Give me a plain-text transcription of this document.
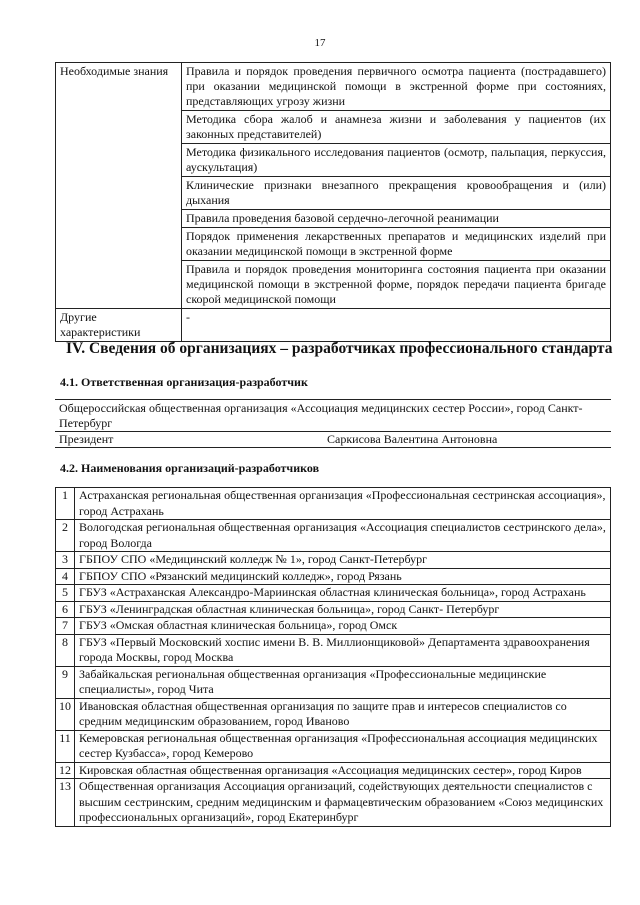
17
Необходимые знания	Правила и порядок проведения первичного осмотра пациента (пострадавшего) при оказании медицинской помощи в экстренной форме при состояниях, представляющих угрозу жизни
	Методика сбора жалоб и анамнеза жизни и заболевания у пациентов (их законных представителей)
	Методика физикального исследования пациентов (осмотр, пальпация, перкуссия, аускультация)
	Клинические признаки внезапного прекращения кровообращения и (или) дыхания
	Правила проведения базовой сердечно-легочной реанимации
	Порядок применения лекарственных препаратов и медицинских изделий при оказании медицинской помощи в экстренной форме
	Правила и порядок проведения мониторинга состояния пациента при оказании медицинской помощи в экстренной форме, порядок передачи пациента бригаде скорой медицинской помощи
Другие характеристики	-
IV. Сведения об организациях – разработчиках профессионального стандарта
4.1. Ответственная организация-разработчик
Общероссийская общественная организация «Ассоциация медицинских сестер России», город Санкт-Петербург
Президент	Саркисова Валентина Антоновна
4.2. Наименования организаций-разработчиков
1	Астраханская региональная общественная организация «Профессиональная сестринская ассоциация», город Астрахань
2	Вологодская региональная общественная организация «Ассоциация специалистов сестринского дела», город Вологда
3	ГБПОУ СПО «Медицинский колледж № 1», город Санкт-Петербург
4	ГБПОУ СПО «Рязанский медицинский колледж», город Рязань
5	ГБУЗ «Астраханская Александро-Мариинская областная клиническая больница», город Астрахань
6	ГБУЗ «Ленинградская областная клиническая больница», город Санкт- Петербург
7	ГБУЗ «Омская областная клиническая больница», город Омск
8	ГБУЗ «Первый Московский хоспис имени В. В. Миллионщиковой» Департамента здравоохранения города Москвы, город Москва
9	Забайкальская региональная общественная организация «Профессиональные медицинские специалисты», город Чита
10	Ивановская областная общественная организация по защите прав и интересов специалистов со средним медицинским образованием, город Иваново
11	Кемеровская региональная общественная организация «Профессиональная ассоциация медицинских сестер Кузбасса», город Кемерово
12	Кировская областная общественная организация «Ассоциация медицинских сестер», город Киров
13	Общественная организация Ассоциация организаций, содействующих деятельности специалистов с высшим сестринским, средним медицинским и фармацевтическим образованием «Союз медицинских профессиональных организаций», город Екатеринбург
